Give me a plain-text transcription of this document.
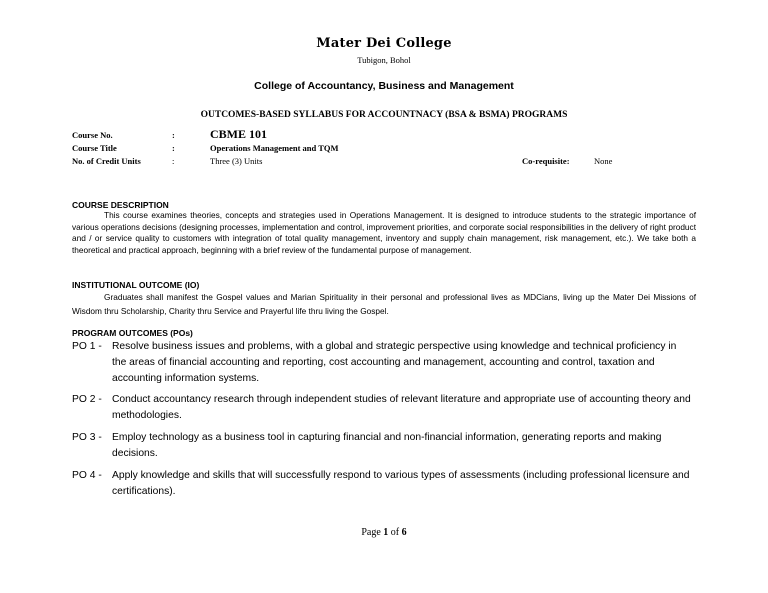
Mater Dei College
Tubigon, Bohol
College of Accountancy, Business and Management
OUTCOMES-BASED SYLLABUS FOR ACCOUNTNACY (BSA & BSMA) PROGRAMS
Course No.	:	CBME 101
Course Title	:	Operations Management and TQM
No. of Credit Units	:	Three (3) Units	Co-requisite:	None
COURSE DESCRIPTION

This course examines theories, concepts and strategies used in Operations Management. It is designed to introduce students to the strategic importance of various operations decisions (designing processes, implementation and control, improvement priorities, and corporate social responsibilities in the delivery of right product and / or service quality to customers with integration of total quality management, inventory and supply chain management, risk management, etc.). We take both a theoretical and practical approach, beginning with a brief review of the fundamental purpose of management.

INSTITUTIONAL OUTCOME (IO)

Graduates shall manifest the Gospel values and Marian Spirituality in their personal and professional lives as MDCians, living up the Mater Dei Missions of Wisdom thru Scholarship, Charity thru Service and Prayerful life thru living the Gospel.

PROGRAM OUTCOMES (POs)
PO 1 - Resolve business issues and problems, with a global and strategic perspective using knowledge and technical proficiency in the areas of financial accounting and reporting, cost accounting and management, accounting and control, taxation and accounting information systems.
PO 2 - Conduct accountancy research through independent studies of relevant literature and appropriate use of accounting theory and methodologies.
PO 3 - Employ technology as a business tool in capturing financial and non-financial information, generating reports and making decisions.
PO 4 - Apply knowledge and skills that will successfully respond to various types of assessments (including professional licensure and certifications).
Page 1 of 6
